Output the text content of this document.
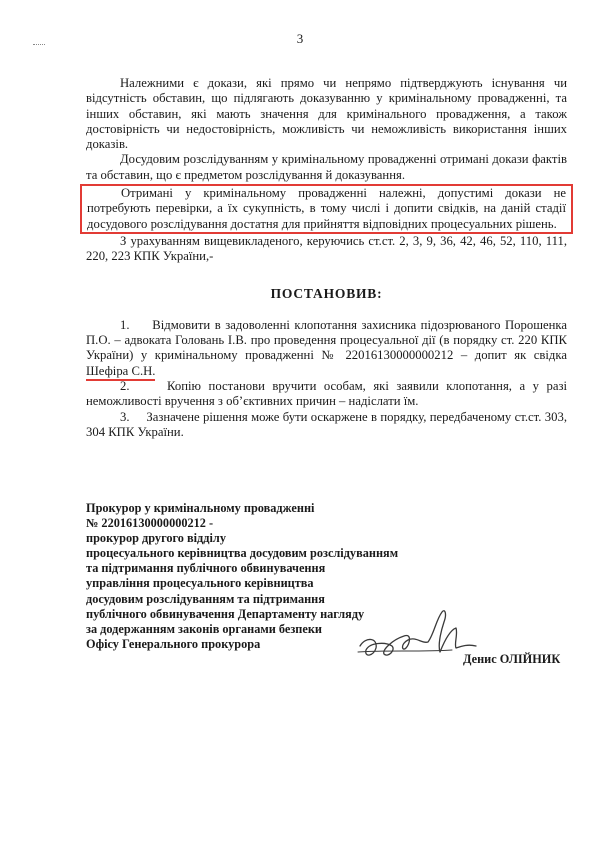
3

Належними є докази, які прямо чи непрямо підтверджують існування чи відсутність обставин, що підлягають доказуванню у кримінальному провадженні, та інших обставин, які мають значення для кримінального провадження, а також достовірність чи недостовірність, можливість чи неможливість використання інших доказів.

Досудовим розслідуванням у кримінальному провадженні отримані докази фактів та обставин, що є предметом розслідування й доказування.

Отримані у кримінальному провадженні належні, допустимі докази не потребують перевірки, а їх сукупність, в тому числі і допити свідків, на даній стадії досудового розслідування достатня для прийняття відповідних процесуальних рішень.

З урахуванням вищевикладеного, керуючись ст.ст. 2, 3, 9, 36, 42, 46, 52, 110, 111, 220, 223 КПК України,-

ПОСТАНОВИВ:

1.     Відмовити в задоволенні клопотання захисника підозрюваного Порошенка П.О. – адвоката Головань І.В. про проведення процесуальної дії (в порядку ст. 220 КПК України) у кримінальному провадженні № 22016130000000212 – допит як свідка Шефіра С.Н.

2.     Копію постанови вручити особам, які заявили клопотання, а у разі неможливості вручення з об’єктивних причин – надіслати їм.

3.     Зазначене рішення може бути оскаржене в порядку, передбаченому ст.ст. 303, 304 КПК України.

Прокурор у кримінальному провадженні
№ 22016130000000212 -
прокурор другого відділу
процесуального керівництва досудовим розслідуванням
та підтримання публічного обвинувачення
управління процесуального керівництва
досудовим розслідуванням та підтримання
публічного обвинувачення Департаменту нагляду
за додержанням законів органами безпеки
Офісу Генерального прокурора
Денис ОЛІЙНИК
